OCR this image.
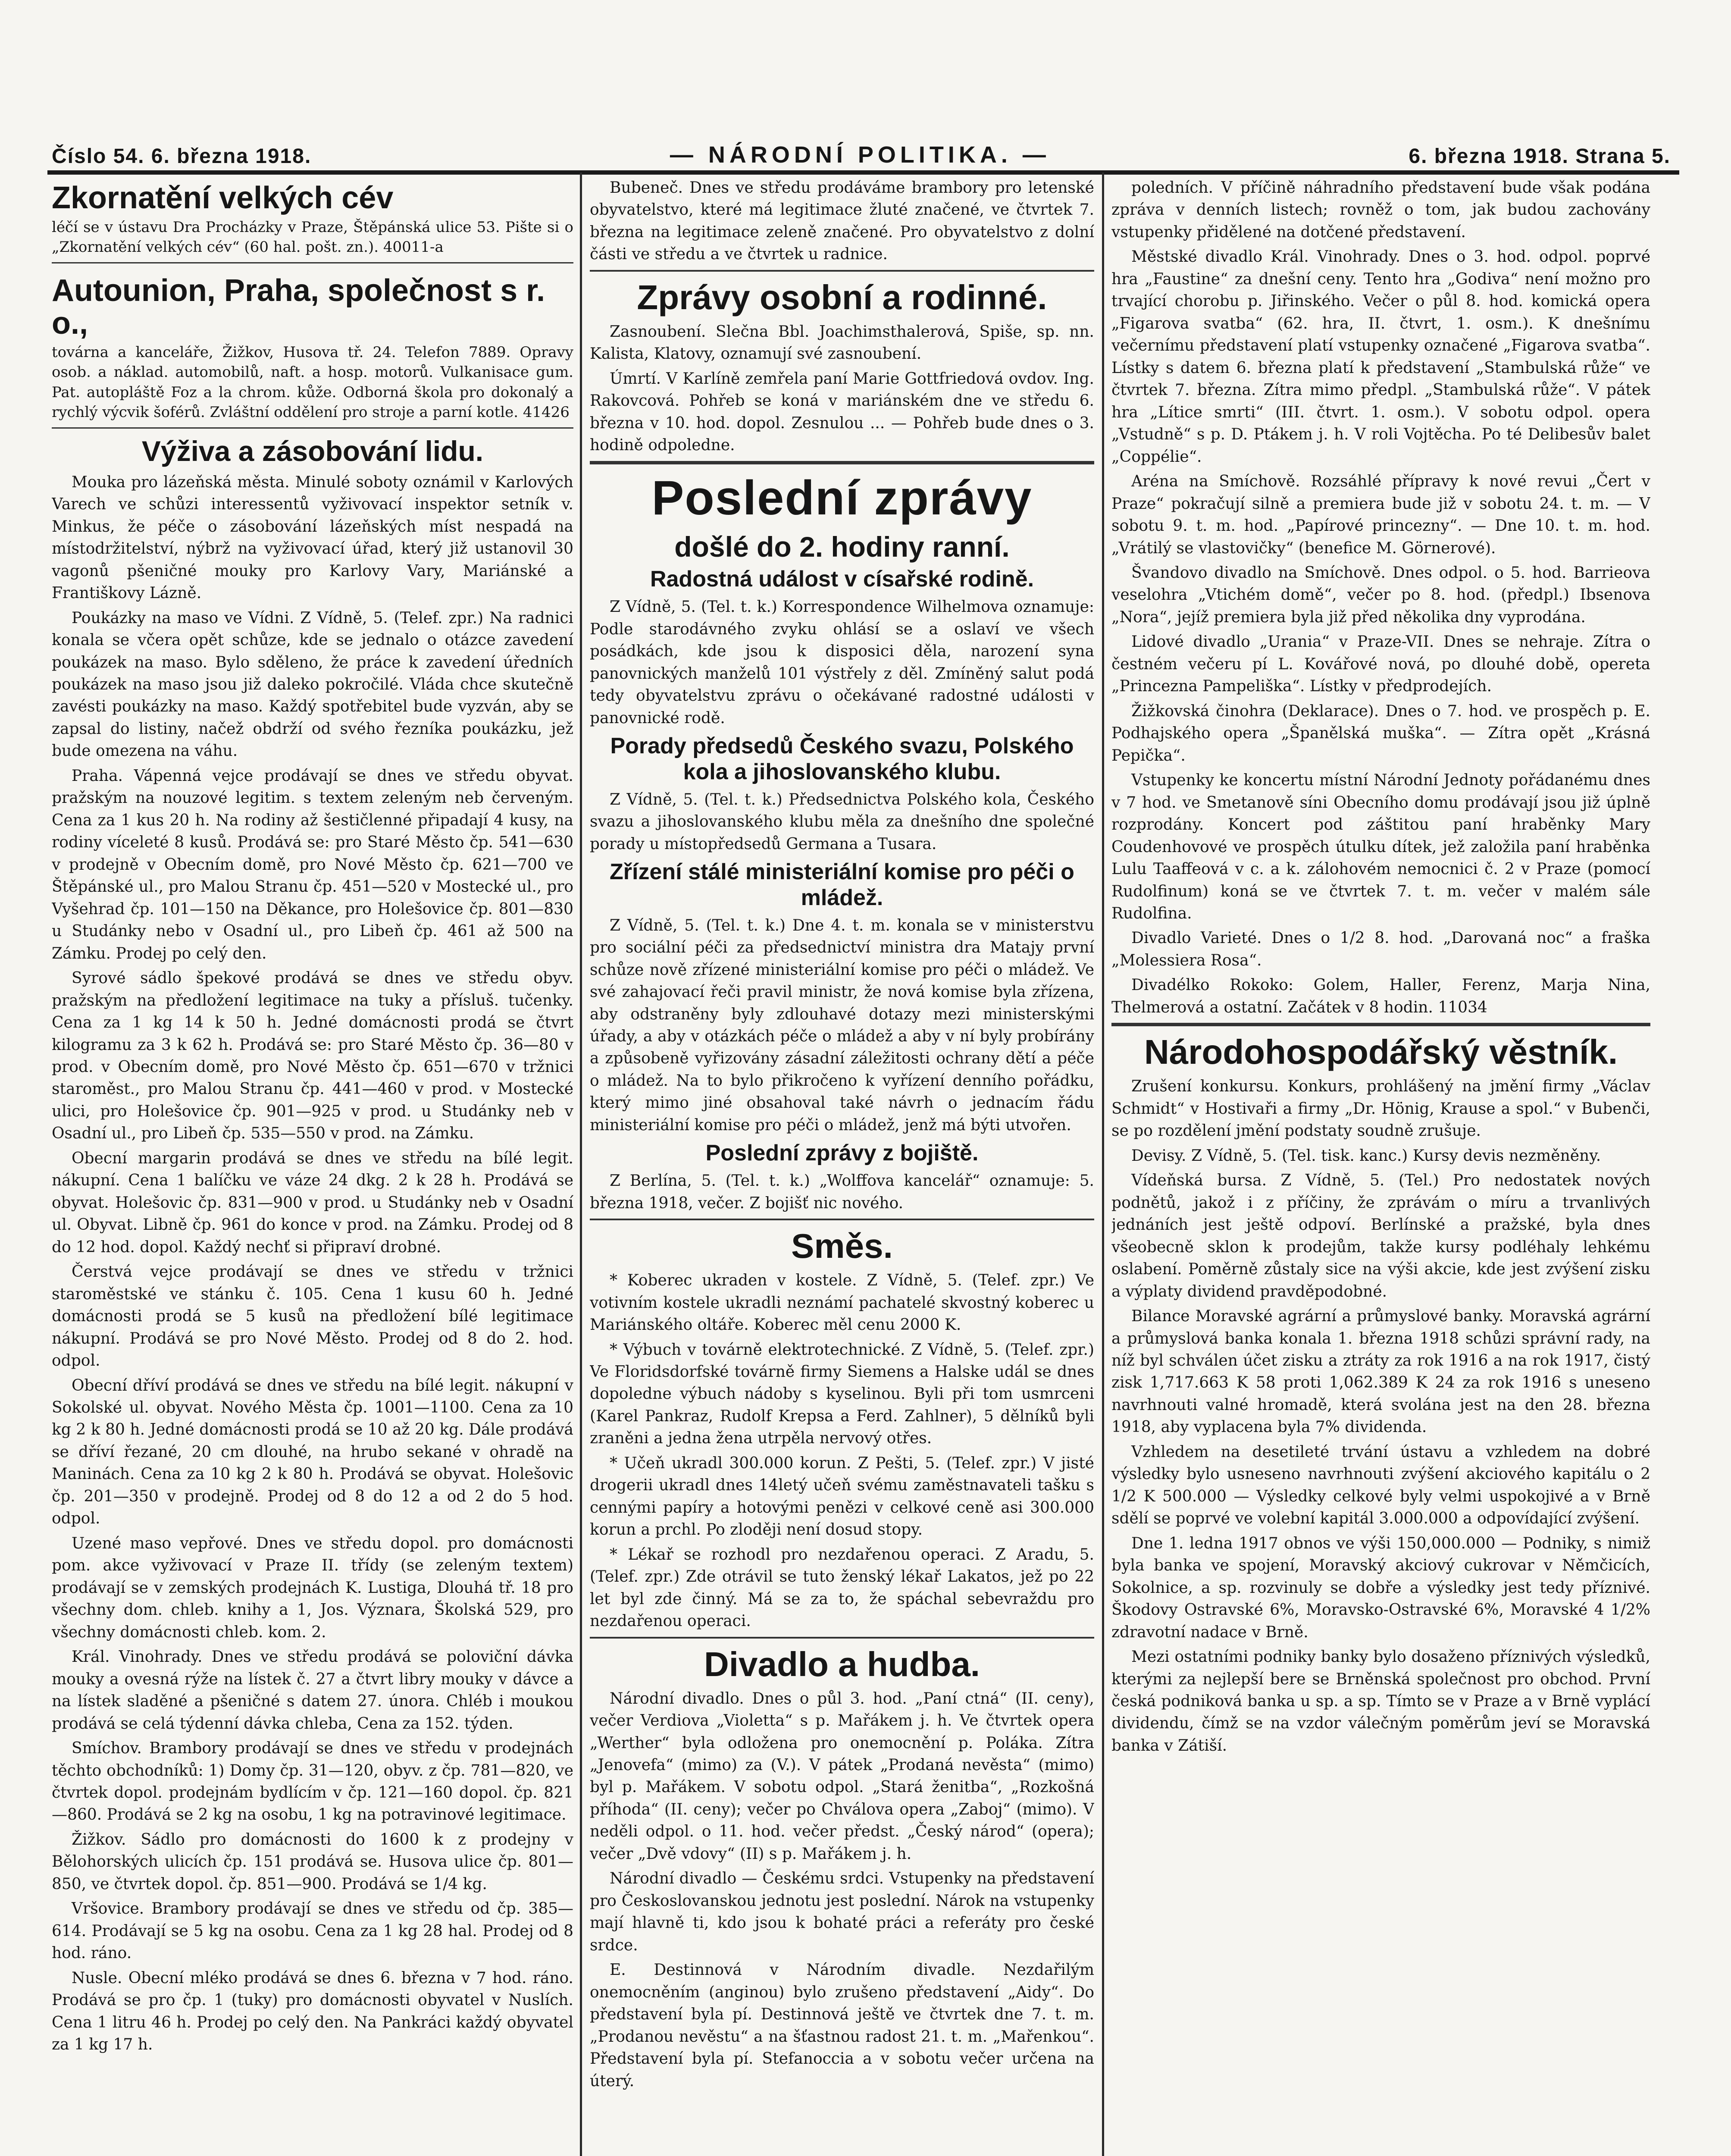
Číslo 54. 6. března 1918.	— NÁRODNÍ POLITIKA. —	6. března 1918. Strana 5.
Zkornatění velkých cév
léčí se v ústavu Dra Procházky v Praze, Štěpánská ulice 53. Pište si o „Zkornatění velkých cév“ (60 hal. pošt. zn.). 40011-a
Autounion, Praha, společnost s r. o.,
továrna a kanceláře, Žižkov, Husova tř. 24. Telefon 7889. Opravy osob. a náklad. automobilů, naft. a hosp. motorů. Vulkanisace gum. Pat. autopláště Foz a la chrom. kůže. Odborná škola pro dokonalý a rychlý výcvik šoférů. Zvláštní oddělení pro stroje a parní kotle. 41426
Výživa a zásobování lidu.

Mouka pro lázeňská města. Minulé soboty oznámil v Karlových Varech ve schůzi interessentů vyživovací inspektor setník v. Minkus, že péče o zásobování lázeňských míst nespadá na místodržitelství, nýbrž na vyživovací úřad, který již ustanovil 30 vagonů pšeničné mouky pro Karlovy Vary, Mariánské a Františkovy Lázně.

Poukázky na maso ve Vídni. Z Vídně, 5. (Telef. zpr.) Na radnici konala se včera opět schůze, kde se jednalo o otázce zavedení poukázek na maso. Bylo sděleno, že práce k zavedení úředních poukázek na maso jsou již daleko pokročilé. Vláda chce skutečně zavésti poukázky na maso. Každý spotřebitel bude vyzván, aby se zapsal do listiny, načež obdrží od svého řezníka poukázku, jež bude omezena na váhu.

Praha. Vápenná vejce prodávají se dnes ve středu obyvat. pražským na nouzové legitim. s textem zeleným neb červeným. Cena za 1 kus 20 h. Na rodiny až šestičlenné připadají 4 kusy, na rodiny víceleté 8 kusů. Prodává se: pro Staré Město čp. 541—630 v prodejně v Obecním domě, pro Nové Město čp. 621—700 ve Štěpánské ul., pro Malou Stranu čp. 451—520 v Mostecké ul., pro Vyšehrad čp. 101—150 na Děkance, pro Holešovice čp. 801—830 u Studánky nebo v Osadní ul., pro Libeň čp. 461 až 500 na Zámku. Prodej po celý den.

Syrové sádlo špekové prodává se dnes ve středu obyv. pražským na předložení legitimace na tuky a přísluš. tučenky. Cena za 1 kg 14 k 50 h. Jedné domácnosti prodá se čtvrt kilogramu za 3 k 62 h. Prodává se: pro Staré Město čp. 36—80 v prod. v Obecním domě, pro Nové Město čp. 651—670 v tržnici staroměst., pro Malou Stranu čp. 441—460 v prod. v Mostecké ulici, pro Holešovice čp. 901—925 v prod. u Studánky neb v Osadní ul., pro Libeň čp. 535—550 v prod. na Zámku.

Obecní margarin prodává se dnes ve středu na bílé legit. nákupní. Cena 1 balíčku ve váze 24 dkg. 2 k 28 h. Prodává se obyvat. Holešovic čp. 831—900 v prod. u Studánky neb v Osadní ul. Obyvat. Libně čp. 961 do konce v prod. na Zámku. Prodej od 8 do 12 hod. dopol. Každý nechť si připraví drobné.

Čerstvá vejce prodávají se dnes ve středu v tržnici staroměstské ve stánku č. 105. Cena 1 kusu 60 h. Jedné domácnosti prodá se 5 kusů na předložení bílé legitimace nákupní. Prodává se pro Nové Město. Prodej od 8 do 2. hod. odpol.

Obecní dříví prodává se dnes ve středu na bílé legit. nákupní v Sokolské ul. obyvat. Nového Města čp. 1001—1100. Cena za 10 kg 2 k 80 h. Jedné domácnosti prodá se 10 až 20 kg. Dále prodává se dříví řezané, 20 cm dlouhé, na hrubo sekané v ohradě na Maninách. Cena za 10 kg 2 k 80 h. Prodává se obyvat. Holešovic čp. 201—350 v prodejně. Prodej od 8 do 12 a od 2 do 5 hod. odpol.

Uzené maso vepřové. Dnes ve středu dopol. pro domácnosti pom. akce vyživovací v Praze II. třídy (se zeleným textem) prodávají se v zemských prodejnách K. Lustiga, Dlouhá tř. 18 pro všechny dom. chleb. knihy a 1, Jos. Význara, Školská 529, pro všechny domácnosti chleb. kom. 2.

Král. Vinohrady. Dnes ve středu prodává se poloviční dávka mouky a ovesná rýže na lístek č. 27 a čtvrt libry mouky v dávce a na lístek sladěné a pšeničné s datem 27. února. Chléb i moukou prodává se celá týdenní dávka chleba, Cena za 152. týden.

Smíchov. Brambory prodávají se dnes ve středu v prodejnách těchto obchodníků: 1) Domy čp. 31—120, obyv. z čp. 781—820, ve čtvrtek dopol. prodejnám bydlícím v čp. 121—160 dopol. čp. 821—860. Prodává se 2 kg na osobu, 1 kg na potravinové legitimace.

Žižkov. Sádlo pro domácnosti do 1600 k z prodejny v Bělohorských ulicích čp. 151 prodává se. Husova ulice čp. 801—850, ve čtvrtek dopol. čp. 851—900. Prodává se 1/4 kg.

Vršovice. Brambory prodávají se dnes ve středu od čp. 385—614. Prodávají se 5 kg na osobu. Cena za 1 kg 28 hal. Prodej od 8 hod. ráno.

Nusle. Obecní mléko prodává se dnes 6. března v 7 hod. ráno. Prodává se pro čp. 1 (tuky) pro domácnosti obyvatel v Nuslích. Cena 1 litru 46 h. Prodej po celý den. Na Pankráci každý obyvatel za 1 kg 17 h.

Bubeneč. Dnes ve středu prodáváme brambory pro letenské obyvatelstvo, které má legitimace žluté značené, ve čtvrtek 7. března na legitimace zeleně značené. Pro obyvatelstvo z dolní části ve středu a ve čtvrtek u radnice.

Zprávy osobní a rodinné.

Zasnoubení. Slečna Bbl. Joachimsthalerová, Spiše, sp. nn. Kalista, Klatovy, oznamují své zasnoubení.

Úmrtí. V Karlíně zemřela paní Marie Gottfriedová ovdov. Ing. Rakovcová. Pohřeb se koná v mariánském dne ve středu 6. března v 10. hod. dopol. Zesnulou ... — Pohřeb bude dnes o 3. hodině odpoledne.

Poslední zprávy
došlé do 2. hodiny ranní.
Radostná událost v císařské rodině.

Z Vídně, 5. (Tel. t. k.) Korrespondence Wilhelmova oznamuje: Podle starodávného zvyku ohlásí se a oslaví ve všech posádkách, kde jsou k disposici děla, narození syna panovnických manželů 101 výstřely z děl. Zmíněný salut podá tedy obyvatelstvu zprávu o očekávané radostné události v panovnické rodě.

Porady předsedů Českého svazu, Polského kola a jihoslovanského klubu.

Z Vídně, 5. (Tel. t. k.) Předsednictva Polského kola, Českého svazu a jihoslovanského klubu měla za dnešního dne společné porady u místopředsedů Germana a Tusara.

Zřízení stálé ministeriální komise pro péči o mládež.

Z Vídně, 5. (Tel. t. k.) Dne 4. t. m. konala se v ministerstvu pro sociální péči za předsednictví ministra dra Matajy první schůze nově zřízené ministeriální komise pro péči o mládež. Ve své zahajovací řeči pravil ministr, že nová komise byla zřízena, aby odstraněny byly zdlouhavé dotazy mezi ministerskými úřady, a aby v otázkách péče o mládež a aby v ní byly probírány a způsobeně vyřizovány zásadní záležitosti ochrany dětí a péče o mládež. Na to bylo přikročeno k vyřízení denního pořádku, který mimo jiné obsahoval také návrh o jednacím řádu ministeriální komise pro péči o mládež, jenž má býti utvořen.

Poslední zprávy z bojiště.

Z Berlína, 5. (Tel. t. k.) „Wolffova kancelář“ oznamuje: 5. března 1918, večer. Z bojišť nic nového.

Směs.

* Koberec ukraden v kostele. Z Vídně, 5. (Telef. zpr.) Ve votivním kostele ukradli neznámí pachatelé skvostný koberec u Mariánského oltáře. Koberec měl cenu 2000 K.

* Výbuch v továrně elektrotechnické. Z Vídně, 5. (Telef. zpr.) Ve Floridsdorfské továrně firmy Siemens a Halske udál se dnes dopoledne výbuch nádoby s kyselinou. Byli při tom usmrceni (Karel Pankraz, Rudolf Krepsa a Ferd. Zahlner), 5 dělníků byli zraněni a jedna žena utrpěla nervový otřes.

* Učeň ukradl 300.000 korun. Z Pešti, 5. (Telef. zpr.) V jisté drogerii ukradl dnes 14letý učeň svému zaměstnavateli tašku s cennými papíry a hotovými penězi v celkové ceně asi 300.000 korun a prchl. Po zloději není dosud stopy.

* Lékař se rozhodl pro nezdařenou operaci. Z Aradu, 5. (Telef. zpr.) Zde otrávil se tuto ženský lékař Lakatos, jež po 22 let byl zde činný. Má se za to, že spáchal sebevraždu pro nezdařenou operaci.

Divadlo a hudba.

Národní divadlo. Dnes o půl 3. hod. „Paní ctná“ (II. ceny), večer Verdiova „Violetta“ s p. Mařákem j. h. Ve čtvrtek opera „Werther“ byla odložena pro onemocnění p. Poláka. Zítra „Jenovefa“ (mimo) za (V.). V pátek „Prodaná nevěsta“ (mimo) byl p. Mařákem. V sobotu odpol. „Stará ženitba“, „Rozkošná příhoda“ (II. ceny); večer po Chválova opera „Zaboj“ (mimo). V neděli odpol. o 11. hod. večer předst. „Český národ“ (opera); večer „Dvě vdovy“ (II) s p. Mařákem j. h.

Národní divadlo — Českému srdci. Vstupenky na představení pro Českoslovanskou jednotu jest poslední. Nárok na vstupenky mají hlavně ti, kdo jsou k bohaté práci a referáty pro české srdce.

E. Destinnová v Národním divadle. Nezdařilým onemocněním (anginou) bylo zrušeno představení „Aidy“. Do představení byla pí. Destinnová ještě ve čtvrtek dne 7. t. m. „Prodanou nevěstu“ a na šťastnou radost 21. t. m. „Mařenkou“. Představení byla pí. Stefanoccia a v sobotu večer určena na úterý.

poledních. V příčině náhradního představení bude však podána zpráva v denních listech; rovněž o tom, jak budou zachovány vstupenky přidělené na dotčené představení.

Městské divadlo Král. Vinohrady. Dnes o 3. hod. odpol. poprvé hra „Faustine“ za dnešní ceny. Tento hra „Godiva“ není možno pro trvající chorobu p. Jiřinského. Večer o půl 8. hod. komická opera „Figarova svatba“ (62. hra, II. čtvrt, 1. osm.). K dnešnímu večernímu představení platí vstupenky označené „Figarova svatba“. Lístky s datem 6. března platí k představení „Stambulská růže“ ve čtvrtek 7. března. Zítra mimo předpl. „Stambulská růže“. V pátek hra „Lítice smrti“ (III. čtvrt. 1. osm.). V sobotu odpol. opera „Vstudně“ s p. D. Ptákem j. h. V roli Vojtěcha. Po té Delibesův balet „Coppélie“.

Aréna na Smíchově. Rozsáhlé přípravy k nové revui „Čert v Praze“ pokračují silně a premiera bude již v sobotu 24. t. m. — V sobotu 9. t. m. hod. „Papírové princezny“. — Dne 10. t. m. hod. „Vrátilý se vlastovičky“ (benefice M. Görnerové).

Švandovo divadlo na Smíchově. Dnes odpol. o 5. hod. Barrieova veselohra „Vtichém domě“, večer po 8. hod. (předpl.) Ibsenova „Nora“, jejíž premiera byla již před několika dny vyprodána.

Lidové divadlo „Urania“ v Praze-VII. Dnes se nehraje. Zítra o čestném večeru pí L. Kovářové nová, po dlouhé době, opereta „Princezna Pampeliška“. Lístky v předprodejích.

Žižkovská činohra (Deklarace). Dnes o 7. hod. ve prospěch p. E. Podhajského opera „Španělská muška“. — Zítra opět „Krásná Pepička“.

Vstupenky ke koncertu místní Národní Jednoty pořádanému dnes v 7 hod. ve Smetanově síni Obecního domu prodávají jsou již úplně rozprodány. Koncert pod záštitou paní hraběnky Mary Coudenhovové ve prospěch útulku dítek, jež založila paní hraběnka Lulu Taaffeová v c. a k. zálohovém nemocnici č. 2 v Praze (pomocí Rudolfinum) koná se ve čtvrtek 7. t. m. večer v malém sále Rudolfina.

Divadlo Varieté. Dnes o 1/2 8. hod. „Darovaná noc“ a fraška „Molessiera Rosa“.

Divadélko Rokoko: Golem, Haller, Ferenz, Marja Nina, Thelmerová a ostatní. Začátek v 8 hodin. 11034

Národohospodářský věstník.

Zrušení konkursu. Konkurs, prohlášený na jmění firmy „Václav Schmidt“ v Hostivaři a firmy „Dr. Hönig, Krause a spol.“ v Bubenči, se po rozdělení jmění podstaty soudně zrušuje.

Devisy. Z Vídně, 5. (Tel. tisk. kanc.) Kursy devis nezměněny.

Vídeňská bursa. Z Vídně, 5. (Tel.) Pro nedostatek nových podnětů, jakož i z příčiny, že zprávám o míru a trvanlivých jednáních jest ještě odpoví. Berlínské a pražské, byla dnes všeobecně sklon k prodejům, takže kursy podléhaly lehkému oslabení. Poměrně zůstaly sice na výši akcie, kde jest zvýšení zisku a výplaty dividend pravděpodobné.

Bilance Moravské agrární a průmyslové banky. Moravská agrární a průmyslová banka konala 1. března 1918 schůzi správní rady, na níž byl schválen účet zisku a ztráty za rok 1916 a na rok 1917, čistý zisk 1,717.663 K 58 proti 1,062.389 K 24 za rok 1916 s uneseno navrhnouti valné hromadě, která svolána jest na den 28. března 1918, aby vyplacena byla 7% dividenda.

Vzhledem na desetileté trvání ústavu a vzhledem na dobré výsledky bylo usneseno navrhnouti zvýšení akciového kapitálu o 2 1/2 K 500.000 — Výsledky celkové byly velmi uspokojivé a v Brně sdělí se poprvé ve volební kapitál 3.000.000 a odpovídající zvýšení.

Dne 1. ledna 1917 obnos ve výši 150,000.000 — Podniky, s nimiž byla banka ve spojení, Moravský akciový cukrovar v Němčicích, Sokolnice, a sp. rozvinuly se dobře a výsledky jest tedy příznivé. Škodovy Ostravské 6%, Moravsko-Ostravské 6%, Moravské 4 1/2% zdravotní nadace v Brně.

Mezi ostatními podniky banky bylo dosaženo příznivých výsledků, kterými za nejlepší bere se Brněnská společnost pro obchod. První česká podniková banka u sp. a sp. Tímto se v Praze a v Brně vyplácí dividendu, čímž se na vzdor válečným poměrům jeví se Moravská banka v Zátiší.
